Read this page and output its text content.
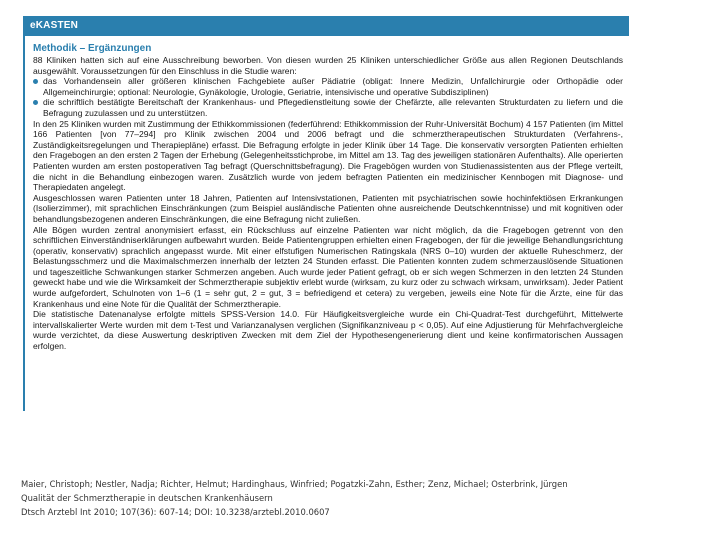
eKASTEN
Methodik – Ergänzungen

88 Kliniken hatten sich auf eine Ausschreibung beworben. Von diesen wurden 25 Kliniken unterschiedlicher Größe aus allen Regionen Deutschlands ausgewählt. Voraussetzungen für den Einschluss in die Studie waren:

das Vorhandensein aller größeren klinischen Fachgebiete außer Pädiatrie (obligat: Innere Medizin, Unfallchirurgie oder Orthopädie oder Allgemeinchirurgie; optional: Neurologie, Gynäkologie, Urologie, Geriatrie, intensivische und operative Subdisziplinen)
die schriftlich bestätigte Bereitschaft der Krankenhaus- und Pflegedienstleitung sowie der Chefärzte, alle relevanten Strukturdaten zu liefern und die Befragung zuzulassen und zu unterstützen.

In den 25 Kliniken wurden mit Zustimmung der Ethikkommissionen (federführend: Ethikkommission der Ruhr-Universität Bochum) 4 157 Patienten (im Mittel 166 Patienten [von 77–294] pro Klinik zwischen 2004 und 2006 befragt und die schmerztherapeutischen Strukturdaten (Verfahrens-, Zuständigkeitsregelungen und Therapiepläne) erfasst. Die Befragung erfolgte in jeder Klinik über 14 Tage. Die konservativ versorgten Patienten erhielten den Fragebogen an den ersten 2 Tagen der Erhebung (Gelegenheitsstichprobe, im Mittel am 13. Tag des jeweiligen stationären Aufenthalts). Alle operierten Patienten wurden am ersten postoperativen Tag befragt (Querschnittsbefragung). Die Fragebögen wurden von Studienassistenten aus der Pflege verteilt, die nicht in die Behandlung einbezogen waren. Zusätzlich wurde von jedem befragten Patienten ein medizinischer Kennbogen mit Diagnose- und Therapiedaten angelegt.

Ausgeschlossen waren Patienten unter 18 Jahren, Patienten auf Intensivstationen, Patienten mit psychiatrischen sowie hochinfektiösen Erkrankungen (Isolierzimmer), mit sprachlichen Einschränkungen (zum Beispiel ausländische Patienten ohne ausreichende Deutschkenntnisse) und mit kognitiven oder behandlungsbezogenen anderen Einschränkungen, die eine Befragung nicht zuließen.

Alle Bögen wurden zentral anonymisiert erfasst, ein Rückschluss auf einzelne Patienten war nicht möglich, da die Fragebogen getrennt von den schriftlichen Einverständniserklärungen aufbewahrt wurden. Beide Patientengruppen erhielten einen Fragebogen, der für die jeweilige Behandlungsrichtung (operativ, konservativ) sprachlich angepasst wurde. Mit einer elfstufigen Numerischen Ratingskala (NRS 0–10) wurden der aktuelle Ruheschmerz, der Belastungsschmerz und die Maximalschmerzen innerhalb der letzten 24 Stunden erfasst. Die Patienten konnten zudem schmerzauslösende Situationen und tageszeitliche Schwankungen starker Schmerzen angeben. Auch wurde jeder Patient gefragt, ob er sich wegen Schmerzen in den letzten 24 Stunden geweckt habe und wie die Wirksamkeit der Schmerztherapie subjektiv erlebt wurde (wirksam, zu kurz oder zu schwach wirksam, unwirksam). Jeder Patient wurde aufgefordert, Schulnoten von 1–6 (1 = sehr gut, 2 = gut, 3 = befriedigend et cetera) zu vergeben, jeweils eine Note für die Ärzte, eine für das Krankenhaus und eine Note für die Qualität der Schmerztherapie.

Die statistische Datenanalyse erfolgte mittels SPSS-Version 14.0. Für Häufigkeitsvergleiche wurde ein Chi-Quadrat-Test durchgeführt, Mittelwerte intervallskalierter Werte wurden mit dem t-Test und Varianzanalysen verglichen (Signifikanzniveau p < 0,05). Auf eine Adjustierung für Mehrfachvergleiche wurde verzichtet, da diese Auswertung deskriptiven Zwecken mit dem Ziel der Hypothesengenerierung dient und keine konfirmatorischen Aussagen erfolgen.

Maier, Christoph; Nestler, Nadja; Richter, Helmut; Hardinghaus, Winfried; Pogatzki-Zahn, Esther; Zenz, Michael; Osterbrink, Jürgen
Qualität der Schmerztherapie in deutschen Krankenhäusern
Dtsch Arztebl Int 2010; 107(36): 607-14; DOI: 10.3238/arztebl.2010.0607
